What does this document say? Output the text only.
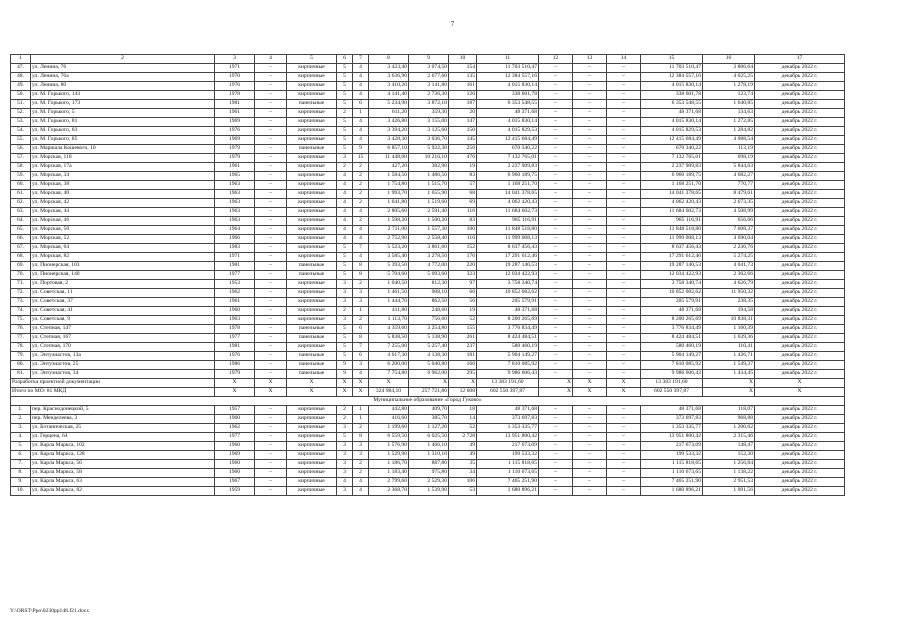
7
1	2	3	4	5	6	7	8	9	10	11	12	13	14	15	16	17
47.	ул. Ленина, 76	1971	–	кирпичные	5	4	3 423,40	3 074,50	154	11 703 510,47	–	–	–	11 703 510,47	3 806,64	декабрь 2022 г.
48.	ул. Ленина, 76а	1970	–	кирпичные	5	4	3 636,90	2 677,60	135	12 384 557,16	–	–	–	12 384 557,16	4 625,25	декабрь 2022 г.
49.	ул. Ленина, 80	1976	–	кирпичные	5	4	3 410,20	3 141,80	161	4 015 830,14	–	–	–	4 015 830,14	1 278,19	декабрь 2022 г.
50.	ул. М. Горького, 143	1978	–	кирпичные	5	4	4 141,40	2 736,30	126	338 601,78	–	–	–	338 601,78	123,74	декабрь 2022 г.
51.	ул. М. Горького, 173	1981	–	панельные	5	6	5 234,90	3 872,10	187	6 353 548,55	–	–	–	6 353 548,55	1 640,85	декабрь 2022 г.
52.	ул. М. Горького, 5	1961	–	кирпичные	2	1	611,20	359,30	20	48 371,68	–	–	–	48 371,68	134,63	декабрь 2022 г.
53.	ул. М. Горького, 81	1969	–	кирпичные	5	4	3 426,80	3 155,00	147	4 015 830,14	–	–	–	4 015 830,14	1 272,85	декабрь 2022 г.
54.	ул. М. Горького, 83	1976	–	кирпичные	5	4	3 394,20	3 125,60	150	4 015 829,53	–	–	–	4 015 829,53	1 284,82	декабрь 2022 г.
55.	ул. М. Горького, 85	1969	–	кирпичные	5	4	3 428,30	3 036,70	145	12 415 684,49	–	–	–	12 415 684,49	4 088,54	декабрь 2022 г.
56.	ул. Маршала Кошевого, 10	1979	–	панельные	5	9	6 857,10	5 922,30	256	670 340,22	–	–	–	670 340,22	113,19	декабрь 2022 г.
57.	ул. Морская, 118	1979	–	кирпичные	3	15	11 448,60	10 216,10	476	7 132 765,01	–	–	–	7 132 765,01	698,19	декабрь 2022 г.
58.	ул. Морская, 17а	1961	–	кирпичные	2	2	427,20	382,90	19	2 237 909,83	–	–	–	2 237 909,83	5 844,63	декабрь 2022 г.
59.	ул. Морская, 34	1965	–	кирпичные	4	2	1 584,50	1 486,50	83	6 960 189,75	–	–	–	6 960 189,75	4 682,27	декабрь 2022 г.
60.	ул. Морская, 38	1963	–	кирпичные	4	2	1 754,80	1 515,70	57	1 168 251,70	–	–	–	1 168 251,70	770,77	декабрь 2022 г.
61.	ул. Морская, 40	1963	–	кирпичные	4	2	1 993,70	1 655,90	68	14 041 378,65	–	–	–	14 041 378,65	8 479,61	декабрь 2022 г.
62.	ул. Морская, 42	1963	–	кирпичные	4	2	1 641,80	1 519,60	69	4 062 420,43	–	–	–	4 062 420,43	2 673,35	декабрь 2022 г.
63.	ул. Морская, 44	1963	–	кирпичные	4	4	2 805,60	2 591,40	116	11 684 602,73	–	–	–	11 684 602,73	4 508,99	декабрь 2022 г.
64.	ул. Морская, 46	1963	–	кирпичные	4	2	1 598,20	1 500,20	83	985 116,91	–	–	–	985 116,91	656,66	декабрь 2022 г.
65.	ул. Морская, 50	1964	–	кирпичные	4	4	2 711,00	1 557,30	100	11 848 518,80	–	–	–	11 848 518,80	7 608,37	декабрь 2022 г.
66.	ул. Морская, 52	1966	–	кирпичные	4	4	2 752,90	2 558,40	116	11 999 008,13	–	–	–	11 999 008,13	4 690,04	декабрь 2022 г.
67.	ул. Морская, 64	1983	–	кирпичные	5	7	5 523,20	3 861,60	152	8 637 456,43	–	–	–	8 637 456,43	2 236,76	декабрь 2022 г.
68.	ул. Морская, 82	1971	–	кирпичные	5	4	3 585,40	3 278,50	176	17 291 612,46	–	–	–	17 291 612,46	5 274,25	декабрь 2022 г.
69.	ул. Пионерская, 103	1981	–	панельные	5	8	5 393,50	4 772,00	220	19 287 140,53	–	–	–	19 287 140,53	4 041,73	декабрь 2022 г.
70.	ул. Пионерская, 140	1977	–	панельные	5	8	5 704,60	5 093,60	323	12 034 422,93	–	–	–	12 034 422,93	2 362,66	декабрь 2022 г.
71.	ул. Портовая, 2	1953	–	кирпичные	3	2	1 040,50	812,30	97	3 758 340,74	–	–	–	3 758 340,74	4 626,79	декабрь 2022 г.
72.	ул. Советская, 11	1962	–	кирпичные	3	3	1 461,50	908,10	66	10 852 082,62	–	–	–	10 852 082,62	11 950,32	декабрь 2022 г.
73.	ул. Советская, 37	1961	–	кирпичные	3	3	1 444,70	862,50	56	205 579,91	–	–	–	205 579,91	238,35	декабрь 2022 г.
74.	ул. Советская, 41	1960	–	кирпичные	2	1	411,80	248,60	19	48 371,68	–	–	–	48 371,68	194,58	декабрь 2022 г.
75.	ул. Советская, 9	1963	–	кирпичные	3	2	1 113,70	756,60	52	8 200 265,69	–	–	–	8 200 265,69	10 838,31	декабрь 2022 г.
76.	ул. Степная, 147	1978	–	панельные	5	6	4 359,60	3 254,80	155	3 776 834,49	–	–	–	3 776 834,49	1 160,39	декабрь 2022 г.
77.	ул. Степная, 167	1977	–	панельные	5	8	5 838,50	5 138,90	261	8 424 484,51	–	–	–	8 424 484,51	1 639,36	декабрь 2022 г.
78.	ул. Степная, 170	1981	–	кирпичные	5	7	7 255,00	5 257,40	237	580 460,19	–	–	–	580 460,19	110,41	декабрь 2022 г.
79.	ул. Энтузиастов, 13а	1976	–	панельные	5	6	4 617,30	4 138,30	181	5 904 149,27	–	–	–	5 904 149,27	1 426,71	декабрь 2022 г.
80.	ул. Энтузиастов, 25	1986	–	панельные	9	3	6 200,00	5 040,80	166	7 810 085,92	–	–	–	7 810 085,92	1 549,37	декабрь 2022 г.
81.	ул. Энтузиастов, 34	1979	–	панельные	9	4	7 754,80	6 962,00	295	9 986 606,43	–	–	–	9 986 606,43	1 434,45	декабрь 2022 г.
Разработка проектной документации		X	X	X	X	X	X	X	X	13 383 191,60	X	X	X	13 383 191,60	X	X
Итого по МО: 81 МКД		X	X	X	X	X	324 984,10	257 721,80	12 608	602 550 397,87	X	X	X	602 550 397,87	X	X
Муниципальное образование «Город Гуково»																
1.	пер. Краснодонецкий, 5	1957	–	кирпичные	2	1	442,80	409,70	18	48 371,68	–	–	–	48 371,68	118,07	декабрь 2022 г.
2.	пер. Менделеева, 3	1960	–	кирпичные	2	1	416,60	385,70	14	373 697,83	–	–	–	373 697,83	968,88	декабрь 2022 г.
3.	ул. Ботаническая, 25	1962	–	кирпичные	3	2	1 199,60	1 127,20	52	1 353 335,77	–	–	–	1 353 335,77	1 200,62	декабрь 2022 г.
4.	ул. Герцена, 64	1977	–	кирпичные	5	8	6 559,50	6 025,50	2 728	13 951 800,42	–	–	–	13 951 800,42	2 315,46	декабрь 2022 г.
5.	ул. Карла Маркса, 102	1960	–	кирпичные	3	3	1 576,90	1 466,10	49	217 673,09	–	–	–	217 673,09	148,47	декабрь 2022 г.
6.	ул. Карла Маркса, 128	1969	–	кирпичные	3	3	1 529,90	1 310,10	49	199 533,32	–	–	–	199 533,32	152,30	декабрь 2022 г.
7.	ул. Карла Маркса, 56	1960	–	кирпичные	3	2	1 186,70	887,80	35	1 115 818,65	–	–	–	1 115 818,65	1 256,84	декабрь 2022 г.
8.	ул. Карла Маркса, 58	1960	–	кирпичные	3	2	1 183,40	975,80	34	1 110 673,65	–	–	–	1 110 673,65	1 138,22	декабрь 2022 г.
9.	ул. Карла Маркса, 63	1967	–	кирпичные	4	4	2 799,60	2 529,30	106	7 465 251,90	–	–	–	7 465 251,90	2 951,53	декабрь 2022 г.
10.	ул. Карла Маркса, 82	1959	–	кирпичные	3	4	2 368,70	1 539,90	53	1 680 896,21	–	–	–	1 680 896,21	1 091,56	декабрь 2022 г.
Y:\ORST\Ppo\0230pp148.f21.docx
